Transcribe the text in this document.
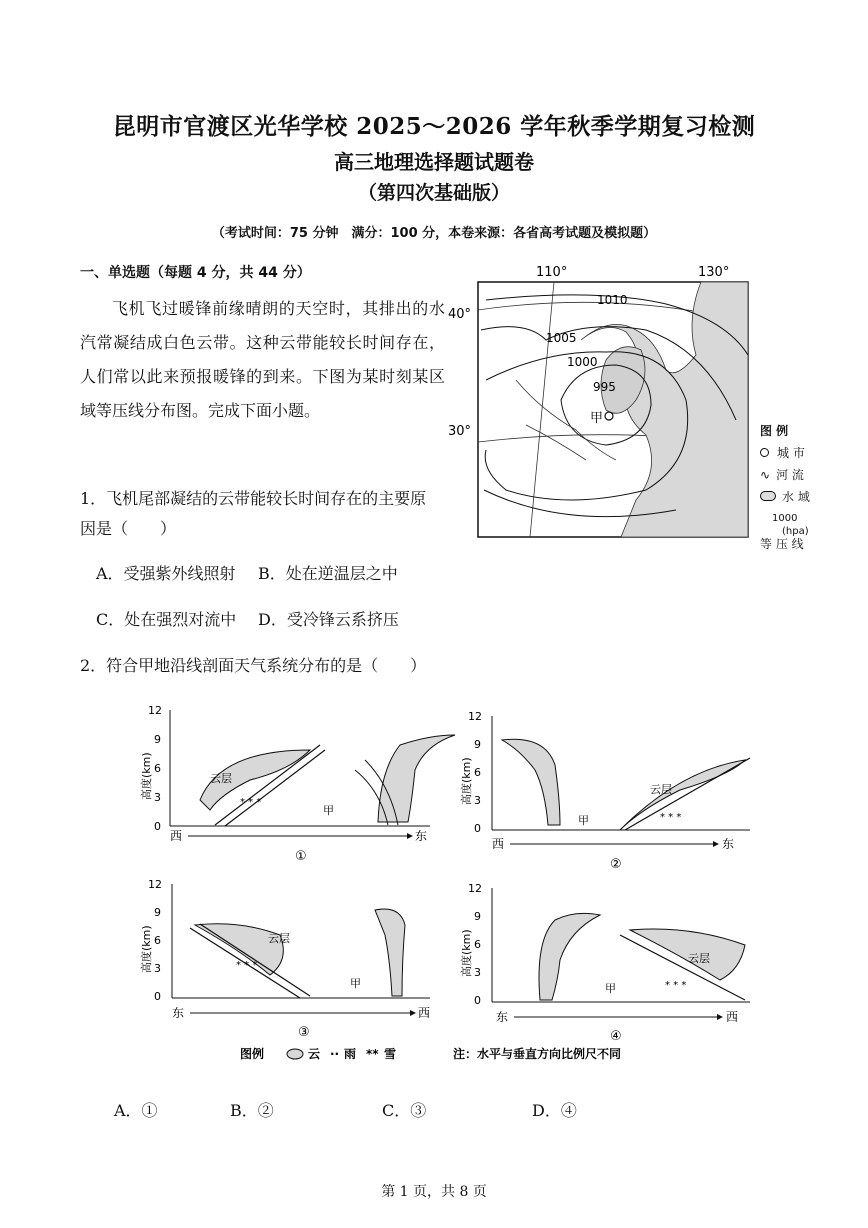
昆明市官渡区光华学校 2025～2026 学年秋季学期复习检测
高三地理选择题试题卷
（第四次基础版）
（考试时间：75 分钟　满分：100 分，本卷来源：各省高考试题及模拟题）
一、单选题（每题 4 分，共 44 分）
飞机飞过暖锋前缘晴朗的天空时，其排出的水汽常凝结成白色云带。这种云带能较长时间存在，人们常以此来预报暖锋的到来。下图为某时刻某区域等压线分布图。完成下面小题。
110°	130°
40°
30°
1010
1005
1000
995
甲
图 例
城 市
∿ 河 流
水 域
1000
(hpa)
等 压 线
1．飞机尾部凝结的云带能较长时间存在的主要原因是（　　）
A．受强紫外线照射 B．处在逆温层之中
C．处在强烈对流中 D．受冷锋云系挤压
2．符合甲地沿线剖面天气系统分布的是（　　）
12
9
6
3
0
高度(km)	云层
* * *
甲
西	东
①
12
9
6
3
0
高度(km)	云层
甲	* * *
西	东
②
12
9
6
3
0
高度(km)	云层
* * *
甲
东	西
③
12
9
6
3
0
高度(km)	云层
* * *
甲
东	西
④
图例	云 ·· 雨 ** 雪	注：水平与垂直方向比例尺不同
A．①	B．②	C．③	D．④
第 1 页，共 8 页
